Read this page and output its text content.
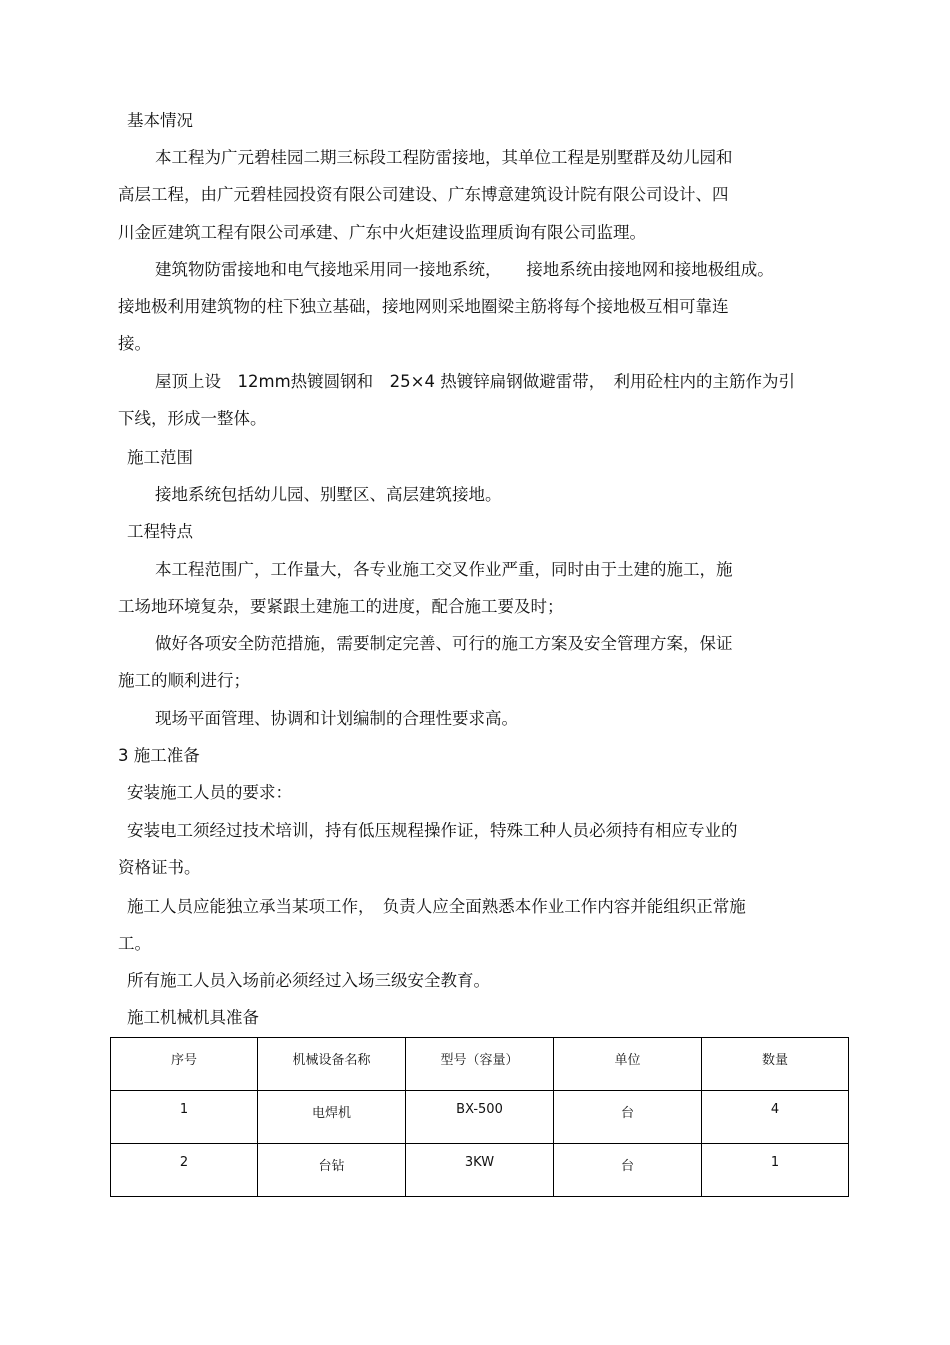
基本情况
本工程为广元碧桂园二期三标段工程防雷接地，其单位工程是别墅群及幼儿园和
高层工程，由广元碧桂园投资有限公司建设、广东博意建筑设计院有限公司设计、四
川金匠建筑工程有限公司承建、广东中火炬建设监理质询有限公司监理。
建筑物防雷接地和电气接地采用同一接地系统，　　接地系统由接地网和接地极组成。
接地极利用建筑物的柱下独立基础，接地网则采地圈梁主筋将每个接地极互相可靠连
接。
屋顶上设　12mm热镀圆钢和　25×4 热镀锌扁钢做避雷带，　利用砼柱内的主筋作为引
下线，形成一整体。
施工范围
接地系统包括幼儿园、别墅区、高层建筑接地。
工程特点
本工程范围广，工作量大，各专业施工交叉作业严重，同时由于土建的施工，施
工场地环境复杂，要紧跟土建施工的进度，配合施工要及时；
做好各项安全防范措施，需要制定完善、可行的施工方案及安全管理方案，保证
施工的顺利进行；
现场平面管理、协调和计划编制的合理性要求高。
3 施工准备
安装施工人员的要求：
安装电工须经过技术培训，持有低压规程操作证，特殊工种人员必须持有相应专业的
资格证书。
施工人员应能独立承当某项工作，　负责人应全面熟悉本作业工作内容并能组织正常施
工。
所有施工人员入场前必须经过入场三级安全教育。
施工机械机具准备
序号	机械设备名称	型号（容量）	单位	数量
1	电焊机	BX-500	台	4
2	台钻	3KW	台	1
